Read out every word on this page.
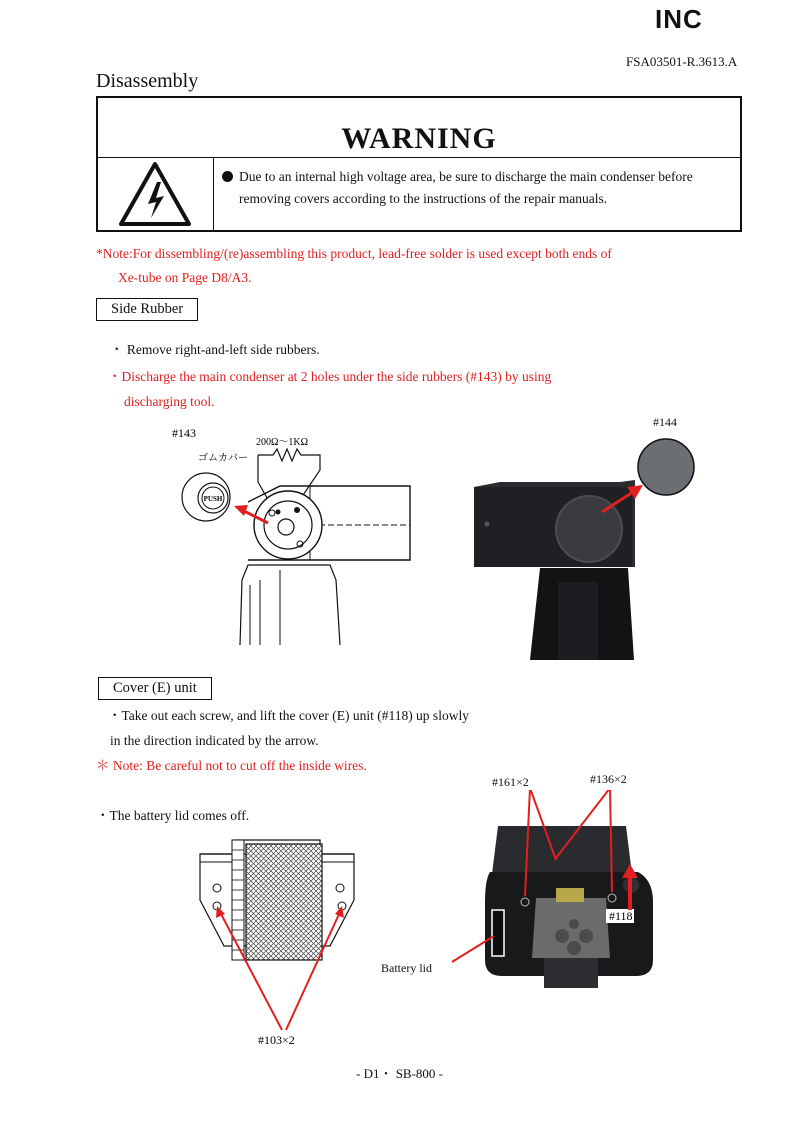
INC
FSA03501-R.3613.A
Disassembly
WARNING
Due to an internal high voltage area, be sure to discharge the main condenser before
removing covers according to the instructions of the repair manuals.
*Note:For dissembling/(re)assembling this product, lead-free solder is used except both ends of
Xe-tube on Page D8/A3.
Side Rubber
・ Remove right-and-left side rubbers.
・Discharge the main condenser at 2 holes under the side rubbers (#143) by using
discharging tool.
#143
200Ω～1KΩ
ゴムカバー
PUSH
#144
Cover (E) unit
・Take out each screw, and lift the cover (E) unit (#118) up slowly
in the direction indicated by the arrow.
＊ Note: Be careful not to cut off the inside wires.
・The battery lid comes off.
#103×2
#161×2	#136×2
Battery lid
#118
- D1・ SB-800 -
